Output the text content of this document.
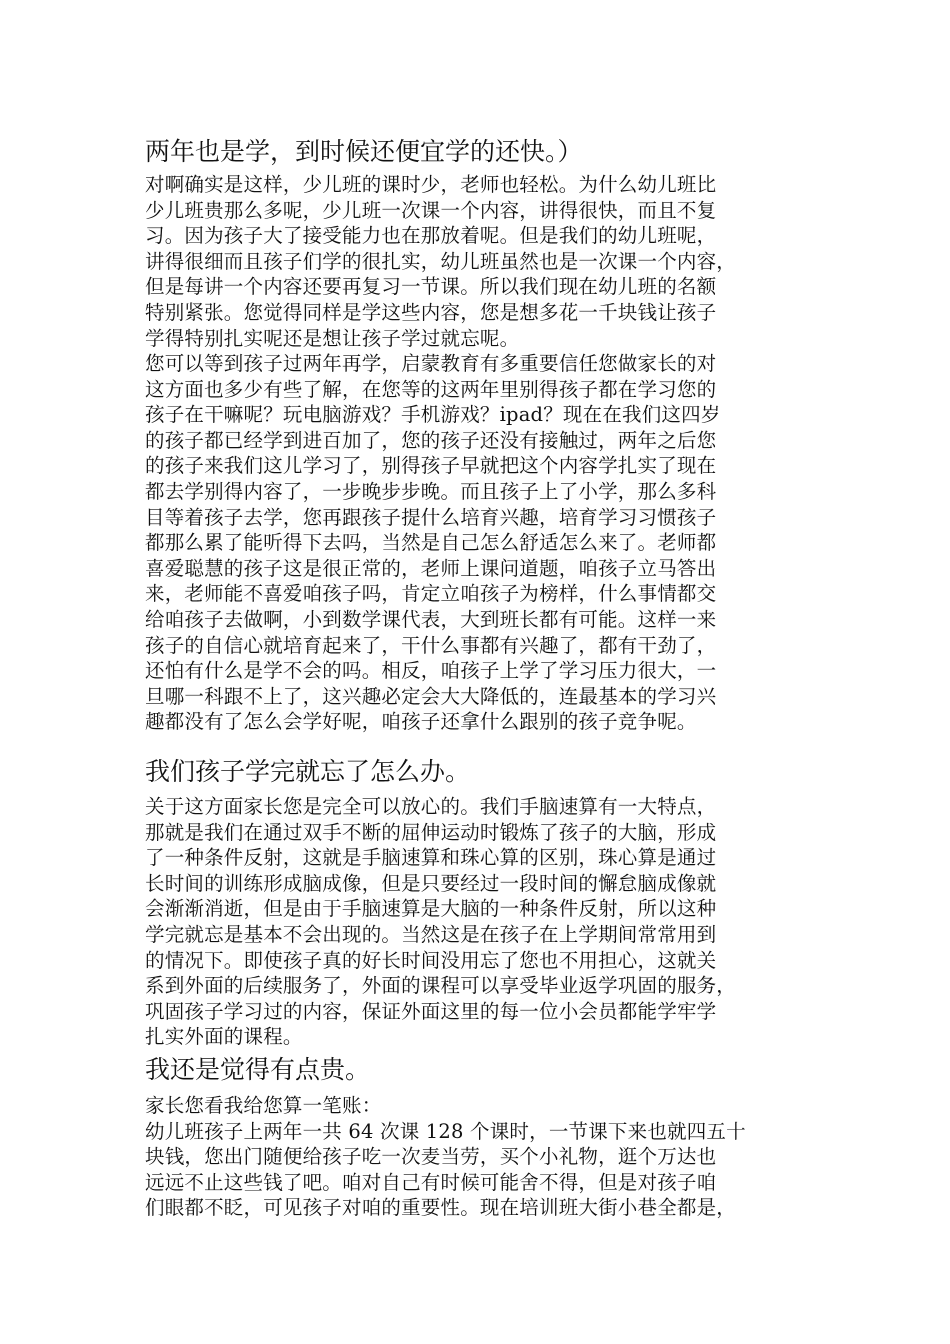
两年也是学，到时候还便宜学的还快。）
对啊确实是这样，少儿班的课时少，老师也轻松。为什么幼儿班比
少儿班贵那么多呢，少儿班一次课一个内容，讲得很快，而且不复
习。因为孩子大了接受能力也在那放着呢。但是我们的幼儿班呢，
讲得很细而且孩子们学的很扎实，幼儿班虽然也是一次课一个内容，
但是每讲一个内容还要再复习一节课。所以我们现在幼儿班的名额
特别紧张。您觉得同样是学这些内容，您是想多花一千块钱让孩子
学得特别扎实呢还是想让孩子学过就忘呢。
您可以等到孩子过两年再学，启蒙教育有多重要信任您做家长的对
这方面也多少有些了解，在您等的这两年里别得孩子都在学习您的
孩子在干嘛呢？玩电脑游戏？手机游戏？ipad？现在在我们这四岁
的孩子都已经学到进百加了，您的孩子还没有接触过，两年之后您
的孩子来我们这儿学习了，别得孩子早就把这个内容学扎实了现在
都去学别得内容了，一步晚步步晚。而且孩子上了小学，那么多科
目等着孩子去学，您再跟孩子提什么培育兴趣，培育学习习惯孩子
都那么累了能听得下去吗，当然是自己怎么舒适怎么来了。老师都
喜爱聪慧的孩子这是很正常的，老师上课问道题，咱孩子立马答出
来，老师能不喜爱咱孩子吗，肯定立咱孩子为榜样，什么事情都交
给咱孩子去做啊，小到数学课代表，大到班长都有可能。这样一来
孩子的自信心就培育起来了，干什么事都有兴趣了，都有干劲了，
还怕有什么是学不会的吗。相反，咱孩子上学了学习压力很大，一
旦哪一科跟不上了，这兴趣必定会大大降低的，连最基本的学习兴
趣都没有了怎么会学好呢，咱孩子还拿什么跟别的孩子竞争呢。
我们孩子学完就忘了怎么办。
关于这方面家长您是完全可以放心的。我们手脑速算有一大特点，
那就是我们在通过双手不断的屈伸运动时锻炼了孩子的大脑，形成
了一种条件反射，这就是手脑速算和珠心算的区别，珠心算是通过
长时间的训练形成脑成像，但是只要经过一段时间的懈怠脑成像就
会渐渐消逝，但是由于手脑速算是大脑的一种条件反射，所以这种
学完就忘是基本不会出现的。当然这是在孩子在上学期间常常用到
的情况下。即使孩子真的好长时间没用忘了您也不用担心，这就关
系到外面的后续服务了，外面的课程可以享受毕业返学巩固的服务，
巩固孩子学习过的内容，保证外面这里的每一位小会员都能学牢学
扎实外面的课程。
我还是觉得有点贵。
家长您看我给您算一笔账：
幼儿班孩子上两年一共 64 次课 128 个课时，一节课下来也就四五十
块钱，您出门随便给孩子吃一次麦当劳，买个小礼物，逛个万达也
远远不止这些钱了吧。咱对自己有时候可能舍不得，但是对孩子咱
们眼都不眨，可见孩子对咱的重要性。现在培训班大街小巷全都是，
